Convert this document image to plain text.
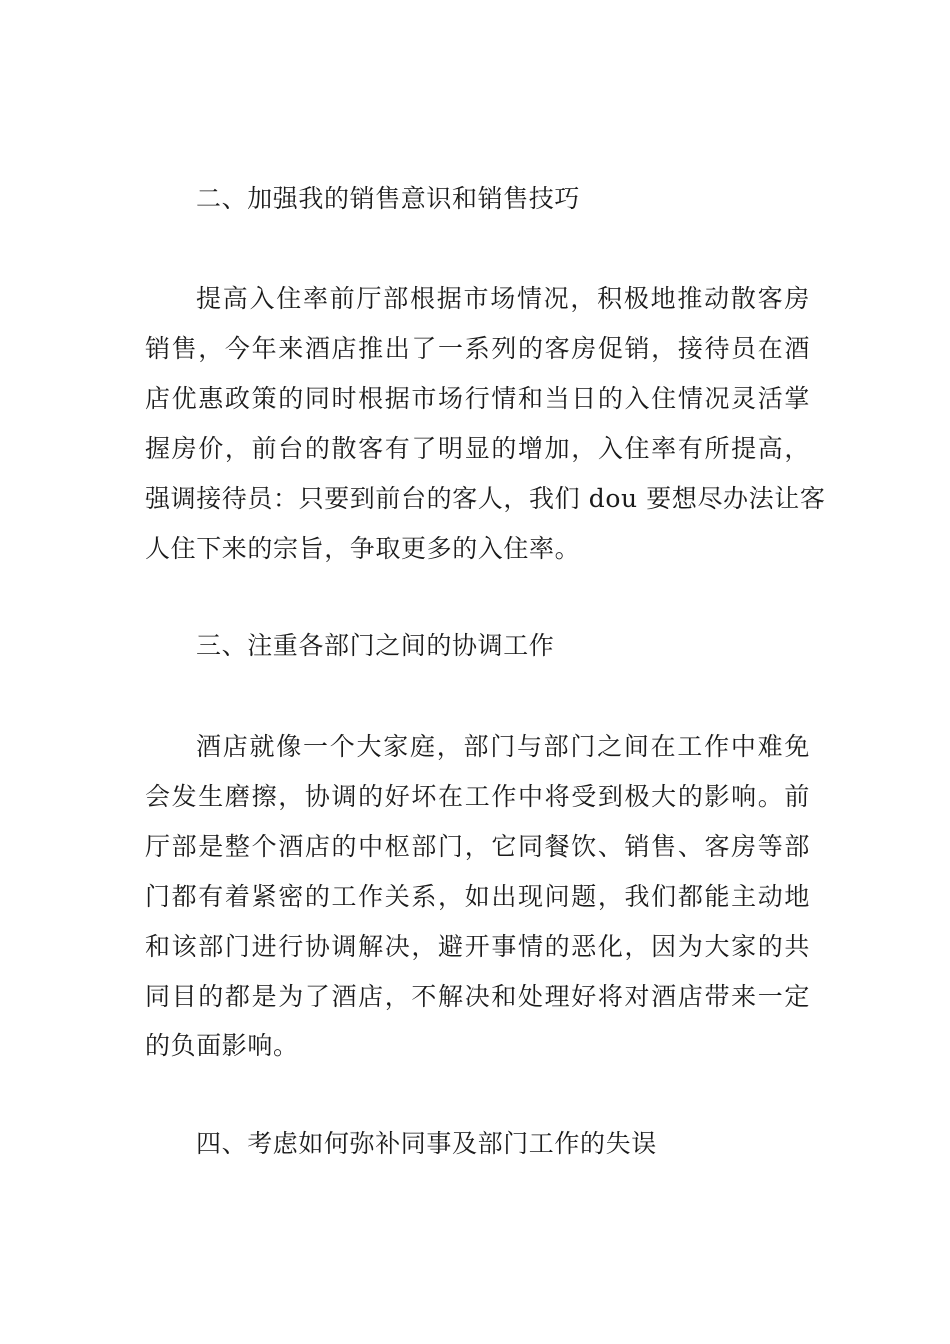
二、加强我的销售意识和销售技巧
提高入住率前厅部根据市场情况，积极地推动散客房
销售，今年来酒店推出了一系列的客房促销，接待员在酒
店优惠政策的同时根据市场行情和当日的入住情况灵活掌
握房价，前台的散客有了明显的增加，入住率有所提高，
强调接待员：只要到前台的客人，我们 dou 要想尽办法让客
人住下来的宗旨，争取更多的入住率。
三、注重各部门之间的协调工作
酒店就像一个大家庭，部门与部门之间在工作中难免
会发生磨擦，协调的好坏在工作中将受到极大的影响。前
厅部是整个酒店的中枢部门，它同餐饮、销售、客房等部
门都有着紧密的工作关系，如出现问题，我们都能主动地
和该部门进行协调解决，避开事情的恶化，因为大家的共
同目的都是为了酒店，不解决和处理好将对酒店带来一定
的负面影响。
四、考虑如何弥补同事及部门工作的失误
